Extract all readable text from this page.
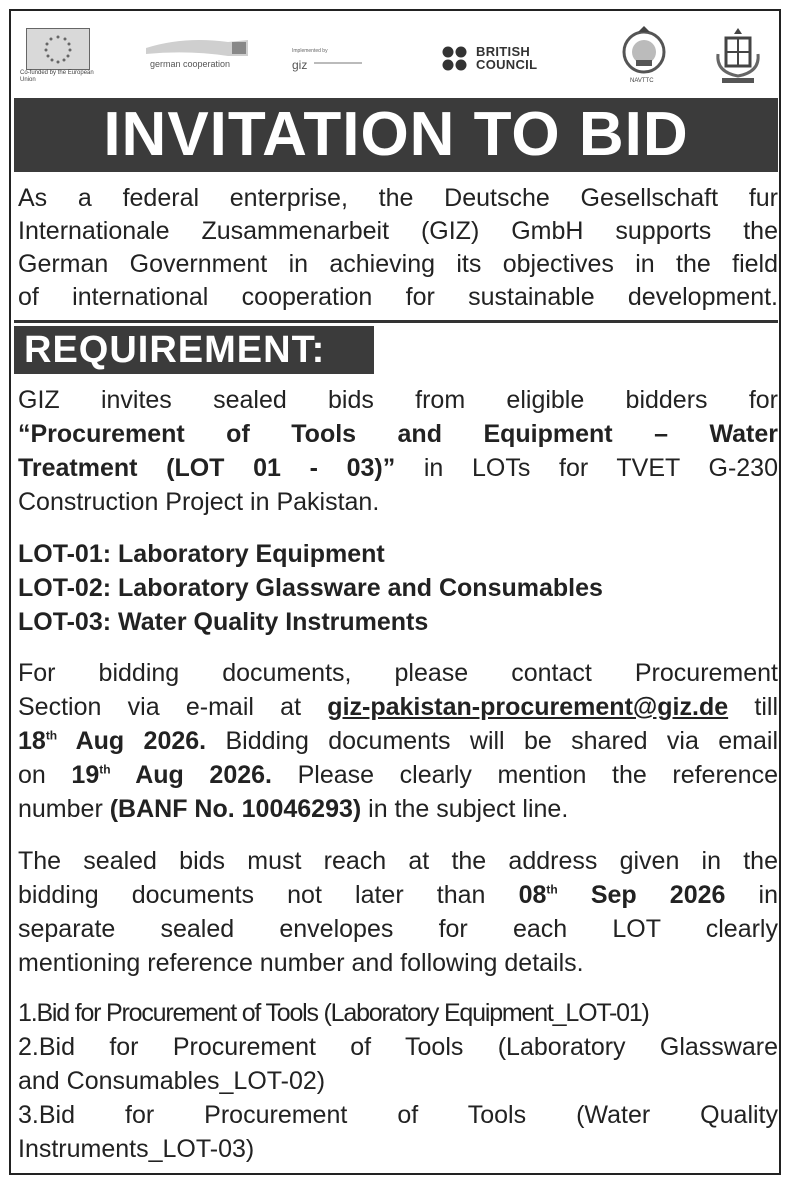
Co-funded by the European Union
german cooperation
Implemented by
giz
BRITISH
COUNCIL
NAVTTC
INVITATION TO BID
As a federal enterprise, the Deutsche Gesellschaft fur
Internationale Zusammenarbeit (GIZ) GmbH supports the
German Government in achieving its objectives in the field
of international cooperation for sustainable development.
REQUIREMENT:
GIZ invites sealed bids from eligible bidders for
“Procurement of Tools and Equipment – Water
Treatment (LOT 01 - 03)” in LOTs for TVET G-230
Construction Project in Pakistan.
LOT-01: Laboratory Equipment
LOT-02: Laboratory Glassware and Consumables
LOT-03: Water Quality Instruments
For bidding documents, please contact Procurement
Section via e-mail at giz-pakistan-procurement@giz.de till
18th Aug 2026. Bidding documents will be shared via email
on 19th Aug 2026. Please clearly mention the reference
number (BANF No. 10046293) in the subject line.
The sealed bids must reach at the address given in the
bidding documents not later than 08th Sep 2026 in
separate sealed envelopes for each LOT clearly
mentioning reference number and following details.
1.Bid for Procurement of Tools (Laboratory Equipment_LOT-01)
2.Bid for Procurement of Tools (Laboratory Glassware
and Consumables_LOT-02)
3.Bid for Procurement of Tools (Water Quality
Instruments_LOT-03)
